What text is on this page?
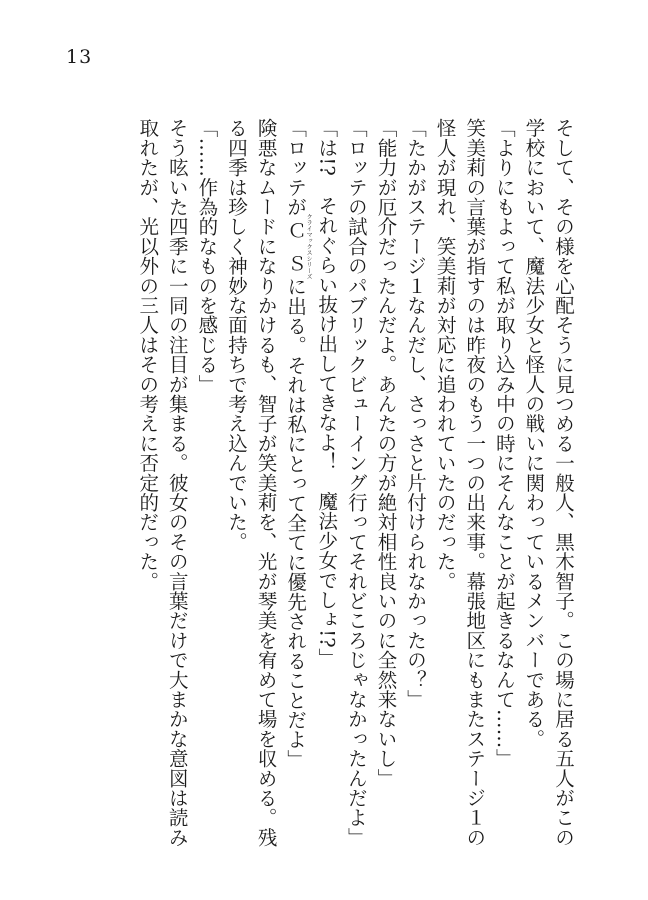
13
そして、その様を心配そうに見つめる一般人、黒木智子。この場に居る五人がこの
学校において、魔法少女と怪人の戦いに関わっているメンバーである。
「よりにもよって私が取り込み中の時にそんなことが起きるなんて……」
笑美莉の言葉が指すのは昨夜のもう一つの出来事。幕張地区にもまたステージ１の
怪人が現れ、笑美莉が対応に追われていたのだった。
「たかがステージ１なんだし、さっさと片付けられなかったの？」
「能力が厄介だったんだよ。あんたの方が絶対相性良いのに全然来ないし」
「ロッテの試合のパブリックビューイング行ってそれどころじゃなかったんだよ」
「は!?　それぐらい抜け出してきなよ！　魔法少女でしょ!?」
「ロッテがＣＳクライマックスシリーズに出る。それは私にとって全てに優先されることだよ」
険悪なムードになりかけるも、智子が笑美莉を、光が琴美を宥めて場を収める。残
る四季は珍しく神妙な面持ちで考え込んでいた。
「……作為的なものを感じる」
そう呟いた四季に一同の注目が集まる。彼女のその言葉だけで大まかな意図は読み
取れたが、光以外の三人はその考えに否定的だった。
